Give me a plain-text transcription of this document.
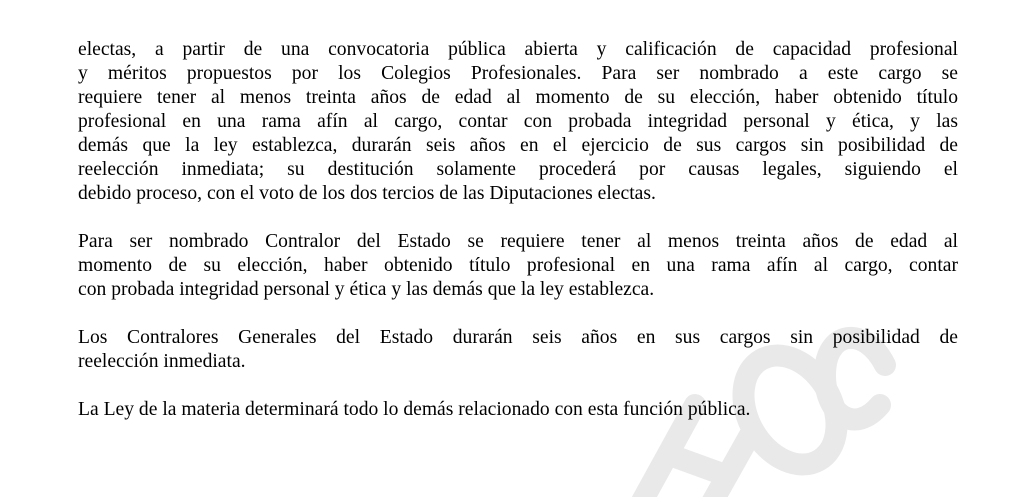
electas, a partir de una convocatoria pública abierta y calificación de capacidad profesional
y méritos propuestos por los Colegios Profesionales. Para ser nombrado a este cargo se
requiere tener al menos treinta años de edad al momento de su elección, haber obtenido título
profesional en una rama afín al cargo, contar con probada integridad personal y ética, y las
demás que la ley establezca, durarán seis años en el ejercicio de sus cargos sin posibilidad de
reelección inmediata; su destitución solamente procederá por causas legales, siguiendo el
debido proceso, con el voto de los dos tercios de las Diputaciones electas.

Para ser nombrado Contralor del Estado se requiere tener al menos treinta años de edad al
momento de su elección, haber obtenido título profesional en una rama afín al cargo, contar
con probada integridad personal y ética y las demás que la ley establezca.

Los Contralores Generales del Estado durarán seis años en sus cargos sin posibilidad de
reelección inmediata.

La Ley de la materia determinará todo lo demás relacionado con esta función pública.
